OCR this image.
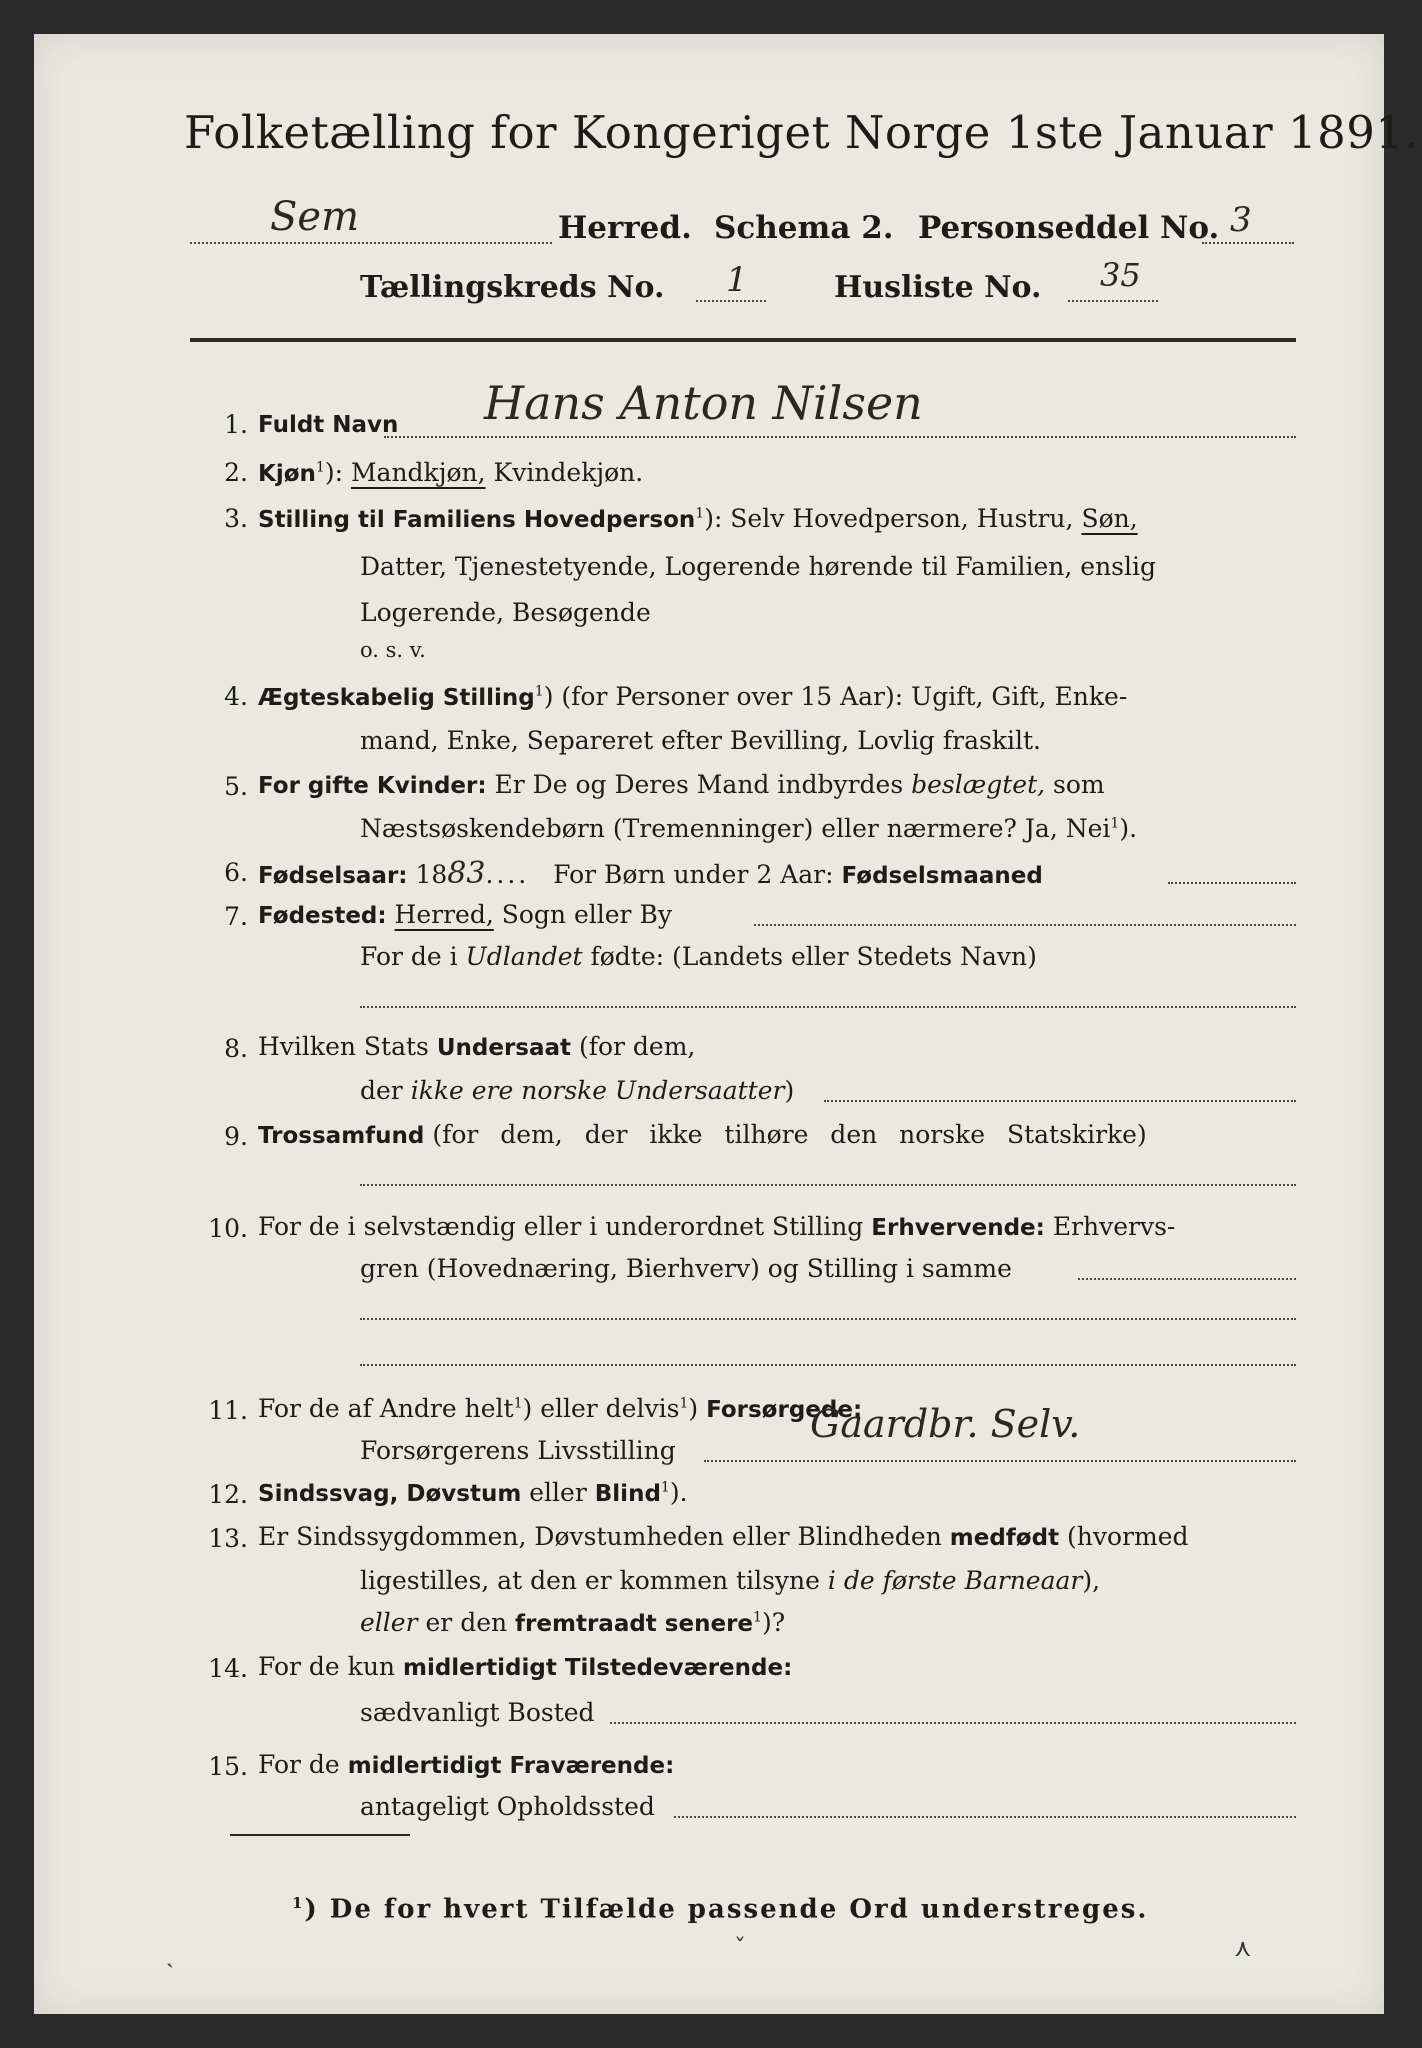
Folketælling for Kongeriget Norge 1ste Januar 1891.
Sem	Herred. Schema 2. Personseddel No. 3
Tællingskreds No. 1	Husliste No. 35
1. Fuldt Navn Hans Anton Nilsen
2. Kjøn$^1$): Mandkjøn, Kvindekjøn.
3. Stilling til Familiens Hovedperson$^1$): Selv Hovedperson, Hustru, Søn,
Datter, Tjenestetyende, Logerende hørende til Familien, enslig
Logerende, Besøgende
o. s. v.
4. Ægteskabelig Stilling$^1$) (for Personer over 15 Aar): Ugift, Gift, Enke-
mand, Enke, Separeret efter Bevilling, Lovlig fraskilt.
5. For gifte Kvinder: Er De og Deres Mand indbyrdes beslægtet, som
Næstsøskendebørn (Tremenninger) eller nærmere? Ja, Nei$^1$).
6. Fødselsaar: 1883.... For Børn under 2 Aar: Fødselsmaaned
7. Fødested: Herred, Sogn eller By
For de i Udlandet fødte: (Landets eller Stedets Navn)
8. Hvilken Stats Undersaat (for dem,
der ikke ere norske Undersaatter)
9. Trossamfund (for dem, der ikke tilhøre den norske Statskirke)
10. For de i selvstændig eller i underordnet Stilling Erhvervende: Erhvervs-
gren (Hovednæring, Bierhverv) og Stilling i samme
11. For de af Andre helt$^1$) eller delvis$^1$) Forsørgede:
Forsørgerens Livsstilling
Gaardbr. Selv.
12. Sindssvag, Døvstum eller Blind$^1$).
13. Er Sindssygdommen, Døvstumheden eller Blindheden medfødt (hvormed
ligestilles, at den er kommen tilsyne i de første Barneaar),
eller er den fremtraadt senere$^1$)?
14. For de kun midlertidigt Tilstedeværende:
sædvanligt Bosted
15. For de midlertidigt Fraværende:
antageligt Opholdssted
$^1$) De for hvert Tilfælde passende Ord understreges.
ˏ	ˇ	⋏
